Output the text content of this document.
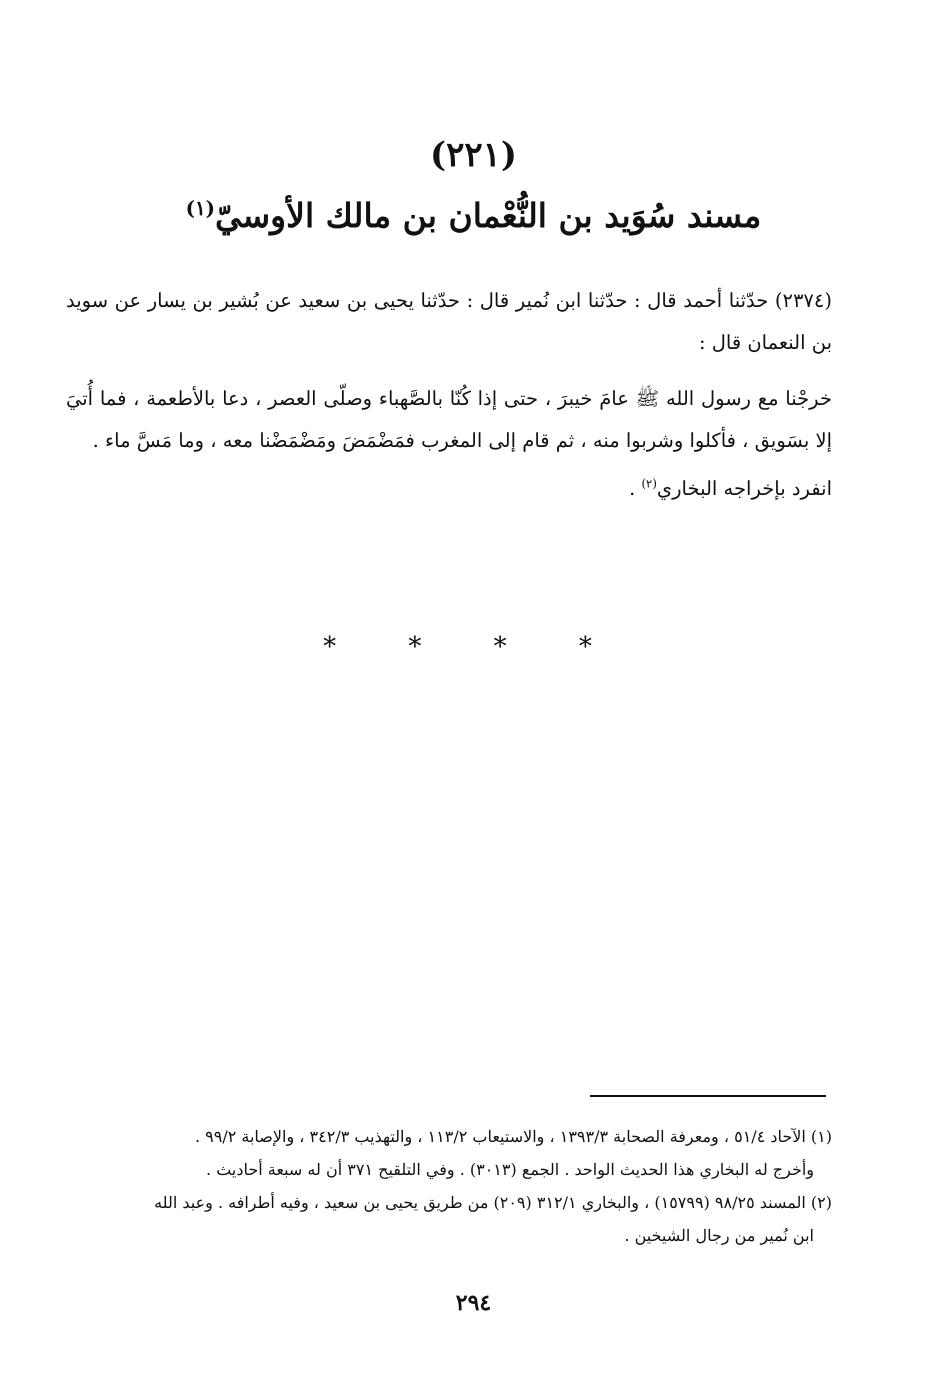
(٢٢١)
مسند سُوَيد بن النُّعْمان بن مالك الأوسيّ$^{(١)}$

(٢٣٧٤) حدّثنا أحمد قال : حدّثنا ابن نُمير قال : حدّثنا يحيى بن سعيد عن بُشير بن يسار عن سويد بن النعمان قال :

خرجْنا مع رسول الله ﷺ عامَ خيبرَ ، حتى إذا كُنّا بالصَّهباء وصلّى العصر ، دعا بالأطعمة ، فما أُتيَ إلا بسَويق ، فأكلوا وشربوا منه ، ثم قام إلى المغرب فمَضْمَضَ ومَضْمَضْنا معه ، وما مَسَّ ماء .

انفرد بإخراجه البخاري$^{(٢)}$ .

* * * *

(١) الآحاد ٥١/٤ ، ومعرفة الصحابة ١٣٩٣/٣ ، والاستيعاب ١١٣/٢ ، والتهذيب ٣٤٢/٣ ، والإصابة ٩٩/٢ .

وأخرج له البخاري هذا الحديث الواحد . الجمع (٣٠١٣) . وفي التلقيح ٣٧١ أن له سبعة أحاديث .

(٢) المسند ٩٨/٢٥ (١٥٧٩٩) ، والبخاري ٣١٢/١ (٢٠٩) من طريق يحيى بن سعيد ، وفيه أطرافه . وعبد الله

ابن نُمير من رجال الشيخين .

٢٩٤
